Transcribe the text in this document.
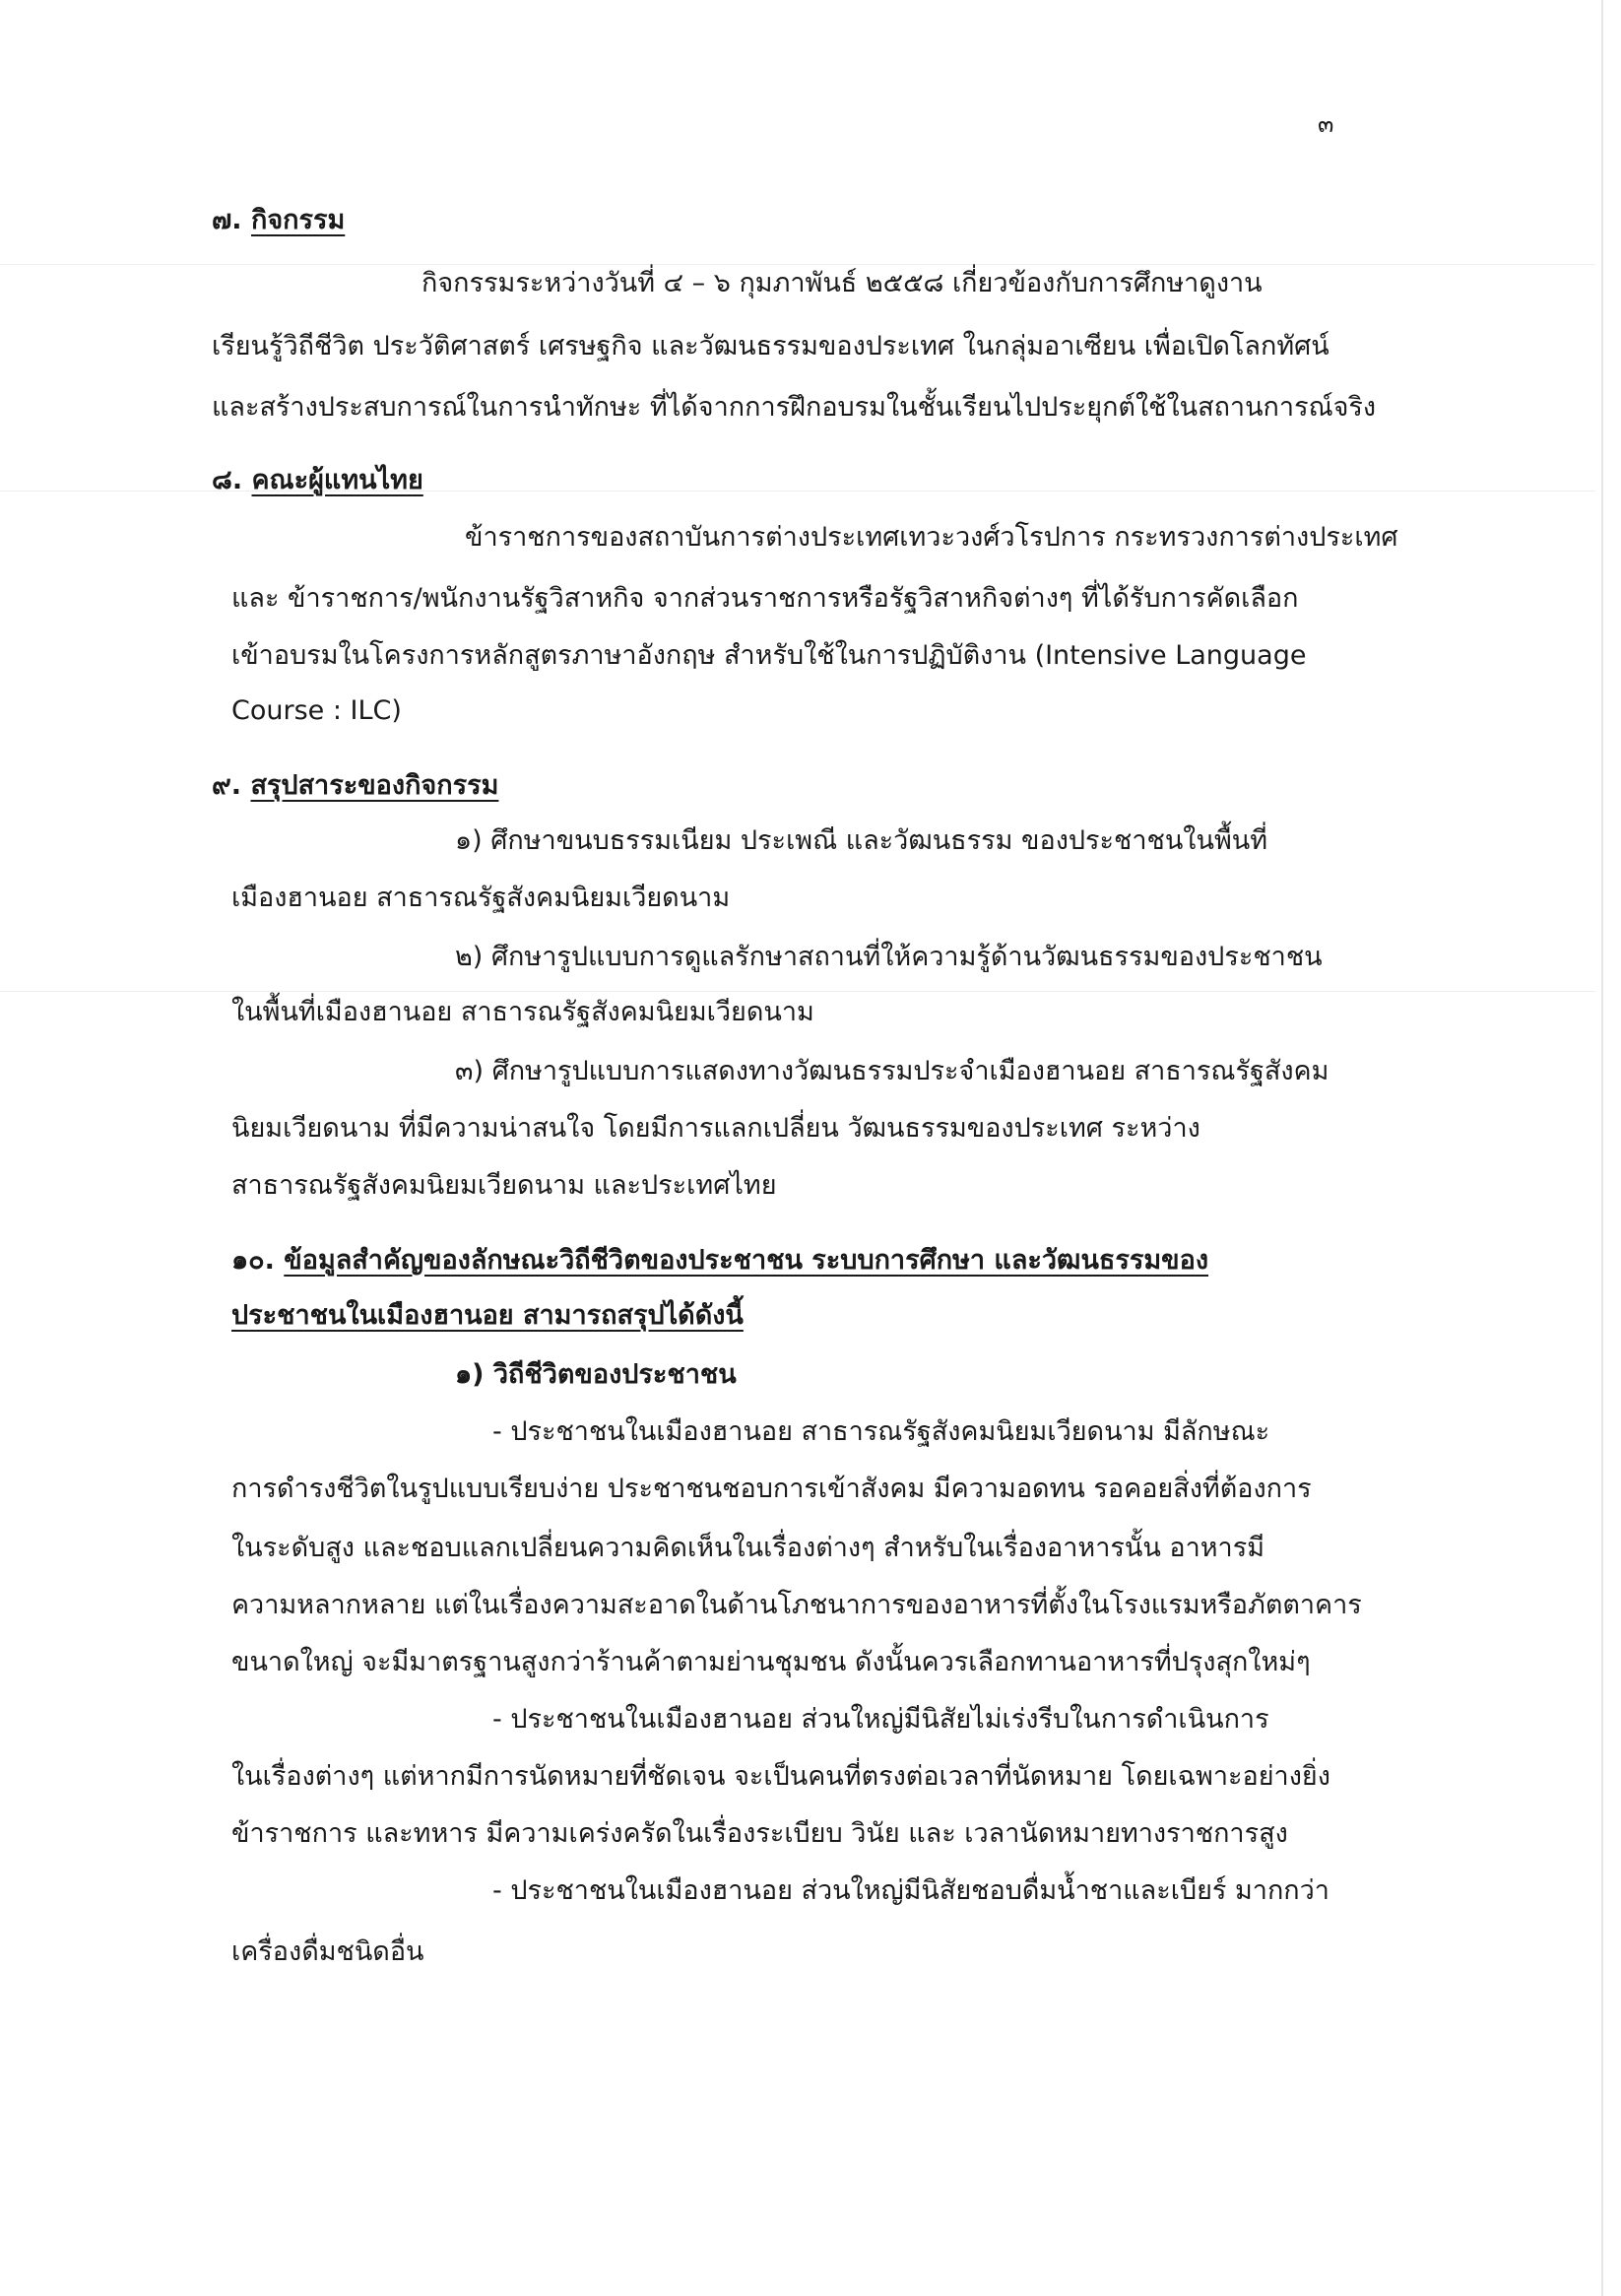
๓

๗. กิจกรรม

กิจกรรมระหว่างวันที่ ๔ – ๖ กุมภาพันธ์ ๒๕๕๘ เกี่ยวข้องกับการศึกษาดูงาน

เรียนรู้วิถีชีวิต ประวัติศาสตร์ เศรษฐกิจ และวัฒนธรรมของประเทศ ในกลุ่มอาเซียน เพื่อเปิดโลกทัศน์

และสร้างประสบการณ์ในการนำทักษะ ที่ได้จากการฝึกอบรมในชั้นเรียนไปประยุกต์ใช้ในสถานการณ์จริง

๘. คณะผู้แทนไทย

ข้าราชการของสถาบันการต่างประเทศเทวะวงศ์วโรปการ กระทรวงการต่างประเทศ

และ ข้าราชการ/พนักงานรัฐวิสาหกิจ จากส่วนราชการหรือรัฐวิสาหกิจต่างๆ ที่ได้รับการคัดเลือก

เข้าอบรมในโครงการหลักสูตรภาษาอังกฤษ สำหรับใช้ในการปฏิบัติงาน (Intensive Language

Course : ILC)

๙. สรุปสาระของกิจกรรม

๑) ศึกษาขนบธรรมเนียม ประเพณี และวัฒนธรรม ของประชาชนในพื้นที่

เมืองฮานอย สาธารณรัฐสังคมนิยมเวียดนาม

๒) ศึกษารูปแบบการดูแลรักษาสถานที่ให้ความรู้ด้านวัฒนธรรมของประชาชน

ในพื้นที่เมืองฮานอย สาธารณรัฐสังคมนิยมเวียดนาม

๓) ศึกษารูปแบบการแสดงทางวัฒนธรรมประจำเมืองฮานอย สาธารณรัฐสังคม

นิยมเวียดนาม ที่มีความน่าสนใจ โดยมีการแลกเปลี่ยน วัฒนธรรมของประเทศ ระหว่าง

สาธารณรัฐสังคมนิยมเวียดนาม และประเทศไทย

๑๐. ข้อมูลสำคัญของลักษณะวิถีชีวิตของประชาชน ระบบการศึกษา และวัฒนธรรมของ

ประชาชนในเมืองฮานอย สามารถสรุปได้ดังนี้

๑) วิถีชีวิตของประชาชน

- ประชาชนในเมืองฮานอย สาธารณรัฐสังคมนิยมเวียดนาม มีลักษณะ

การดำรงชีวิตในรูปแบบเรียบง่าย ประชาชนชอบการเข้าสังคม มีความอดทน รอคอยสิ่งที่ต้องการ

ในระดับสูง และชอบแลกเปลี่ยนความคิดเห็นในเรื่องต่างๆ สำหรับในเรื่องอาหารนั้น อาหารมี

ความหลากหลาย แต่ในเรื่องความสะอาดในด้านโภชนาการของอาหารที่ตั้งในโรงแรมหรือภัตตาคาร

ขนาดใหญ่ จะมีมาตรฐานสูงกว่าร้านค้าตามย่านชุมชน ดังนั้นควรเลือกทานอาหารที่ปรุงสุกใหม่ๆ

- ประชาชนในเมืองฮานอย ส่วนใหญ่มีนิสัยไม่เร่งรีบในการดำเนินการ

ในเรื่องต่างๆ แต่หากมีการนัดหมายที่ชัดเจน จะเป็นคนที่ตรงต่อเวลาที่นัดหมาย โดยเฉพาะอย่างยิ่ง

ข้าราชการ และทหาร มีความเคร่งครัดในเรื่องระเบียบ วินัย และ เวลานัดหมายทางราชการสูง

- ประชาชนในเมืองฮานอย ส่วนใหญ่มีนิสัยชอบดื่มน้ำชาและเบียร์ มากกว่า

เครื่องดื่มชนิดอื่น
